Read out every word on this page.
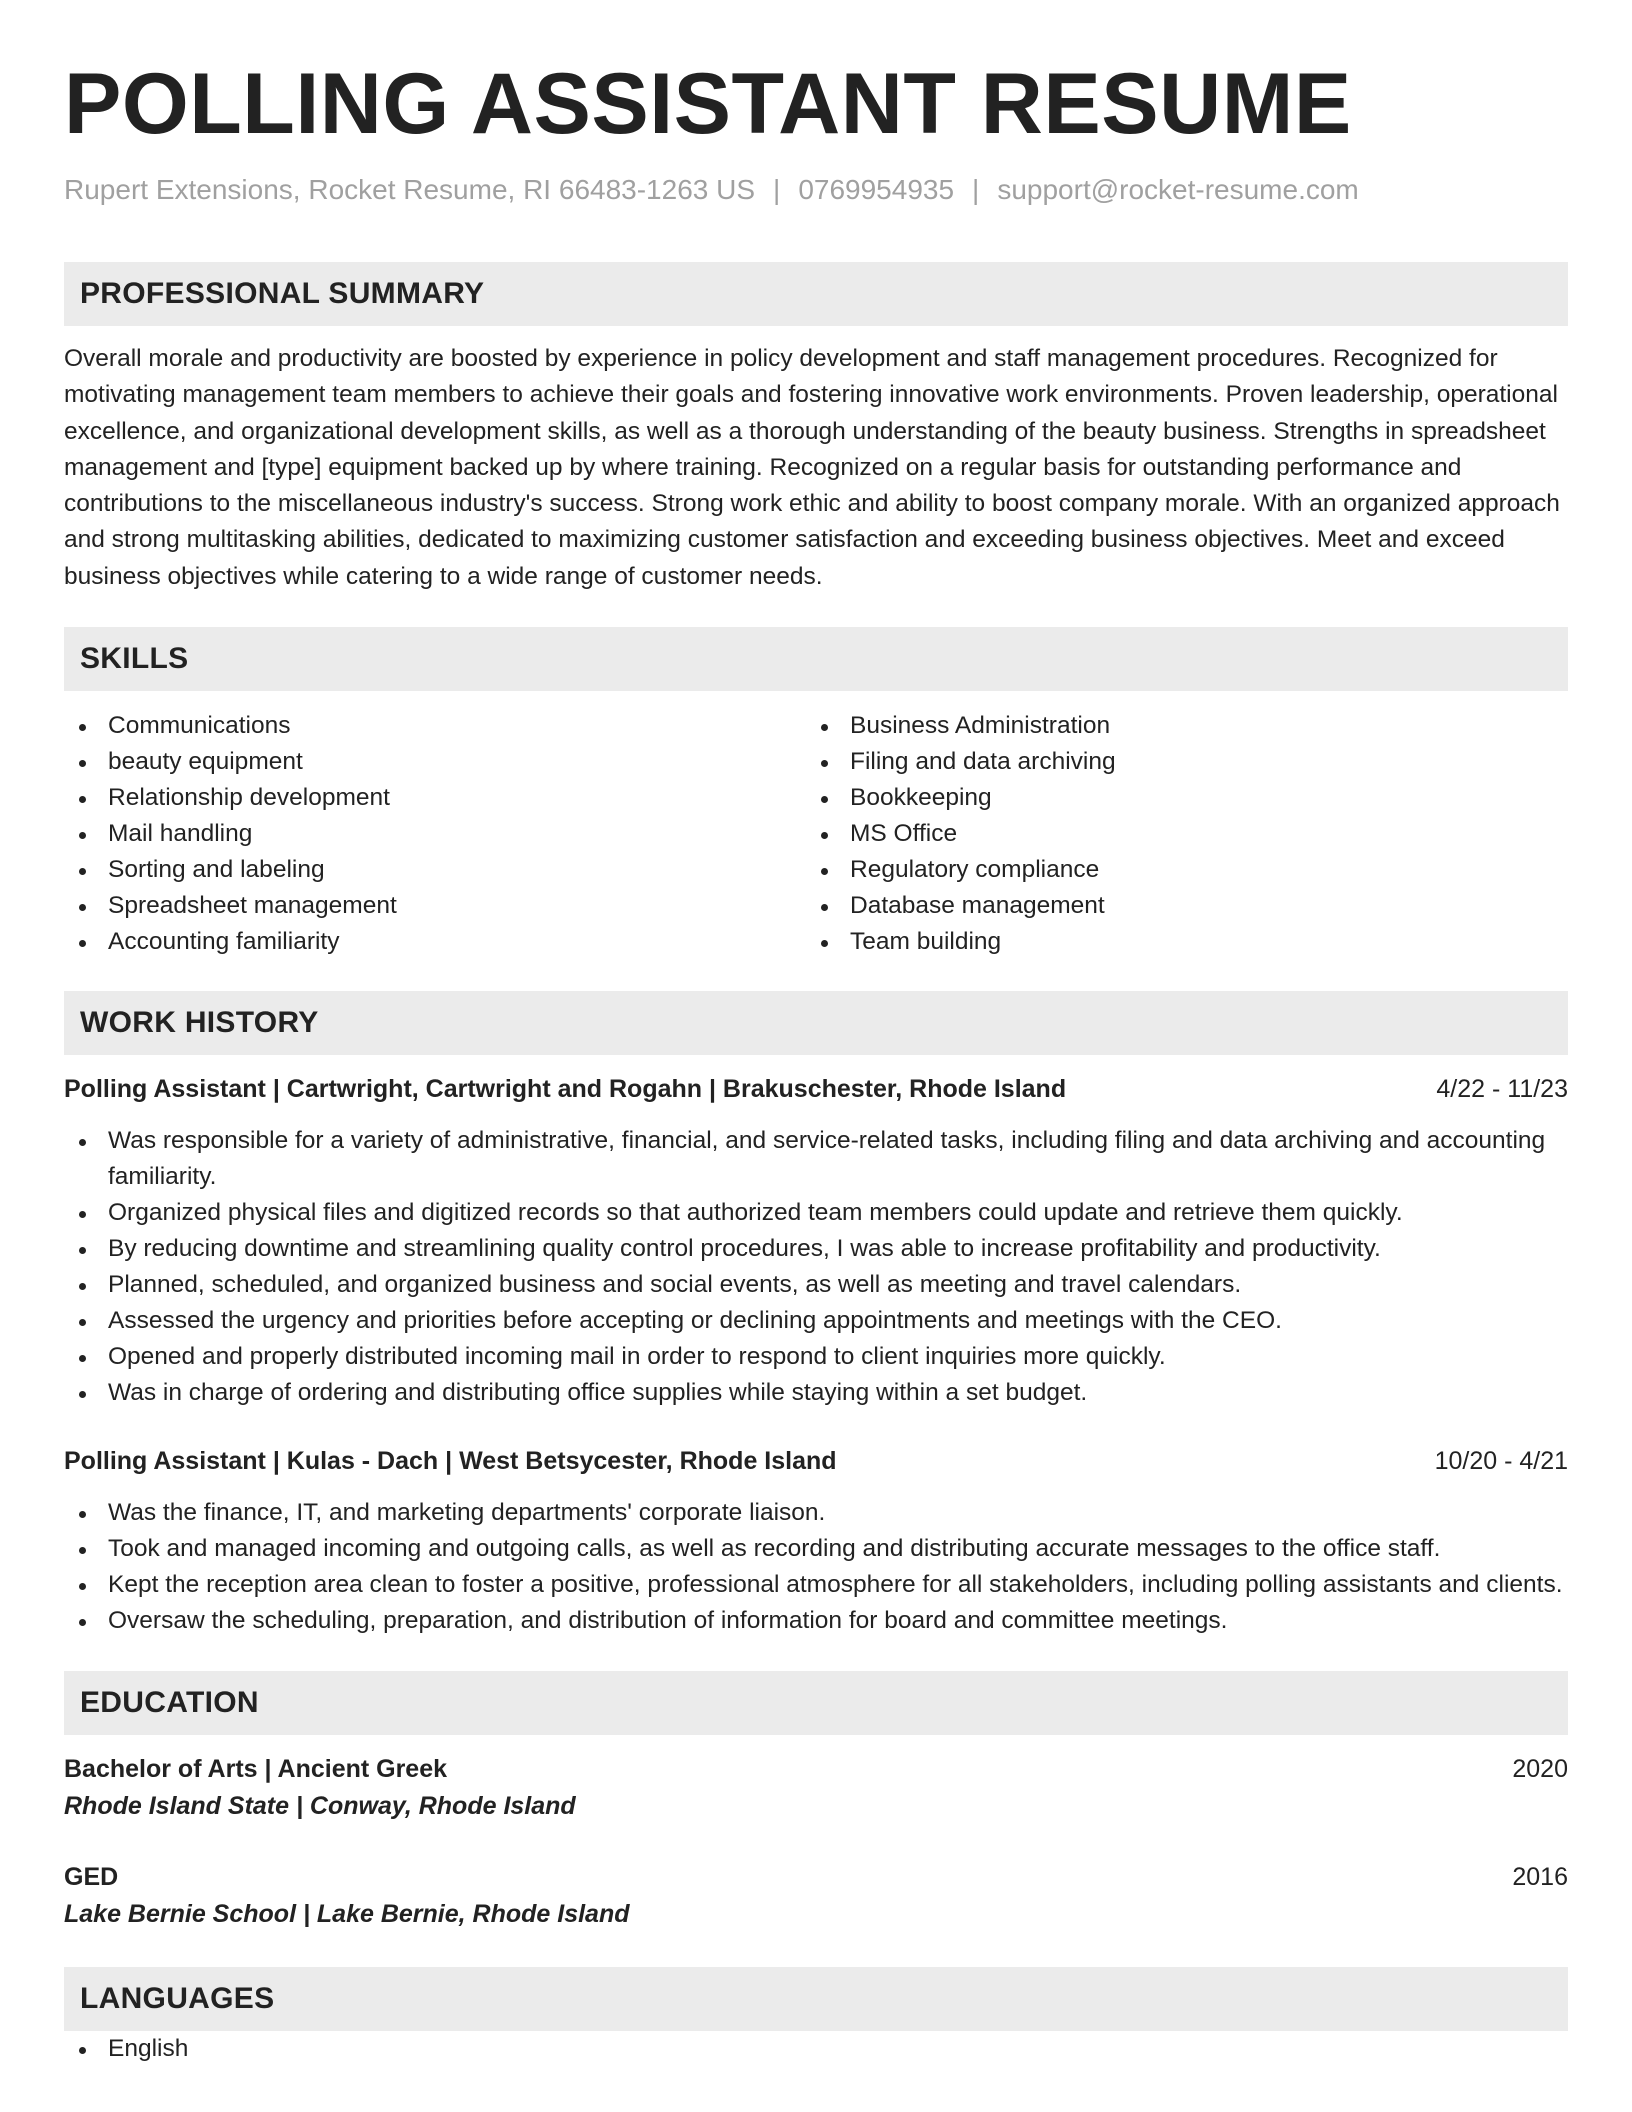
POLLING ASSISTANT RESUME
Rupert Extensions, Rocket Resume, RI 66483-1263 US | 0769954935 | support@rocket-resume.com
PROFESSIONAL SUMMARY
Overall morale and productivity are boosted by experience in policy development and staff management procedures. Recognized for motivating management team members to achieve their goals and fostering innovative work environments. Proven leadership, operational excellence, and organizational development skills, as well as a thorough understanding of the beauty business. Strengths in spreadsheet management and [type] equipment backed up by where training. Recognized on a regular basis for outstanding performance and contributions to the miscellaneous industry's success. Strong work ethic and ability to boost company morale. With an organized approach and strong multitasking abilities, dedicated to maximizing customer satisfaction and exceeding business objectives. Meet and exceed business objectives while catering to a wide range of customer needs.
SKILLS
Communications
beauty equipment
Relationship development
Mail handling
Sorting and labeling
Spreadsheet management
Accounting familiarity
Business Administration
Filing and data archiving
Bookkeeping
MS Office
Regulatory compliance
Database management
Team building
WORK HISTORY
Polling Assistant | Cartwright, Cartwright and Rogahn | Brakuschester, Rhode Island	4/22 - 11/23
Was responsible for a variety of administrative, financial, and service-related tasks, including filing and data archiving and accounting familiarity.
Organized physical files and digitized records so that authorized team members could update and retrieve them quickly.
By reducing downtime and streamlining quality control procedures, I was able to increase profitability and productivity.
Planned, scheduled, and organized business and social events, as well as meeting and travel calendars.
Assessed the urgency and priorities before accepting or declining appointments and meetings with the CEO.
Opened and properly distributed incoming mail in order to respond to client inquiries more quickly.
Was in charge of ordering and distributing office supplies while staying within a set budget.
Polling Assistant | Kulas - Dach | West Betsycester, Rhode Island	10/20 - 4/21
Was the finance, IT, and marketing departments' corporate liaison.
Took and managed incoming and outgoing calls, as well as recording and distributing accurate messages to the office staff.
Kept the reception area clean to foster a positive, professional atmosphere for all stakeholders, including polling assistants and clients.
Oversaw the scheduling, preparation, and distribution of information for board and committee meetings.
EDUCATION
Bachelor of Arts | Ancient Greek	2020
Rhode Island State | Conway, Rhode Island
GED	2016
Lake Bernie School | Lake Bernie, Rhode Island
LANGUAGES
English
